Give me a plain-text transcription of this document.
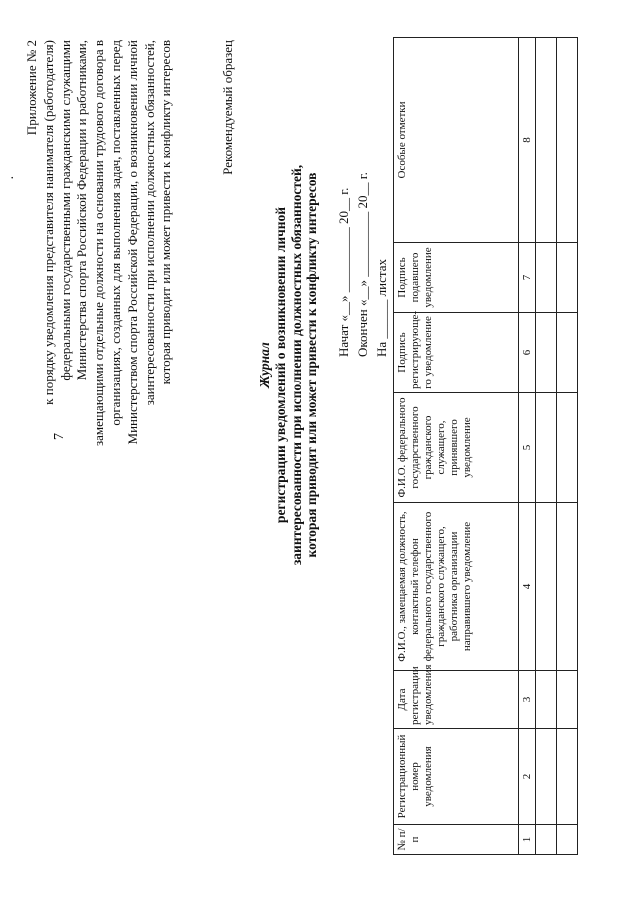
7
·
Приложение № 2 к порядку уведомления представителя нанимателя (работодателя) федеральными государственными гражданскими служащими Министерства спорта Российской Федерации и работниками, замещающими отдельные должности на основании трудового договора в организациях, созданных для выполнения задач, поставленных перед Министерством спорта Российской Федерации, о возникновении личной заинтересованности при исполнении должностных обязанностей, которая приводит или может привести к конфликту интересов	Рекомендуемый образец
Журнал регистрации уведомлений о возникновении личной заинтересованности при исполнении должностных обязанностей, которая приводит или может привести к конфликту интересов Начат «__» __________ 20__ г. Окончен «__» __________ 20__ г. На ______ листах
№ п/п	Регистрационный номер уведомления	Дата регистрации уведомления	Ф.И.О., замещаемая должность, контактный телефон федерального государственного гражданского служащего, работника организации направившего уведомление	Ф.И.О. федерального государственного гражданского служащего, принявшего уведомление	Подпись регистрирующе-го уведомление	Подпись подавшего уведомление	Особые отметки
1	2	3	4	5	6	7	8
